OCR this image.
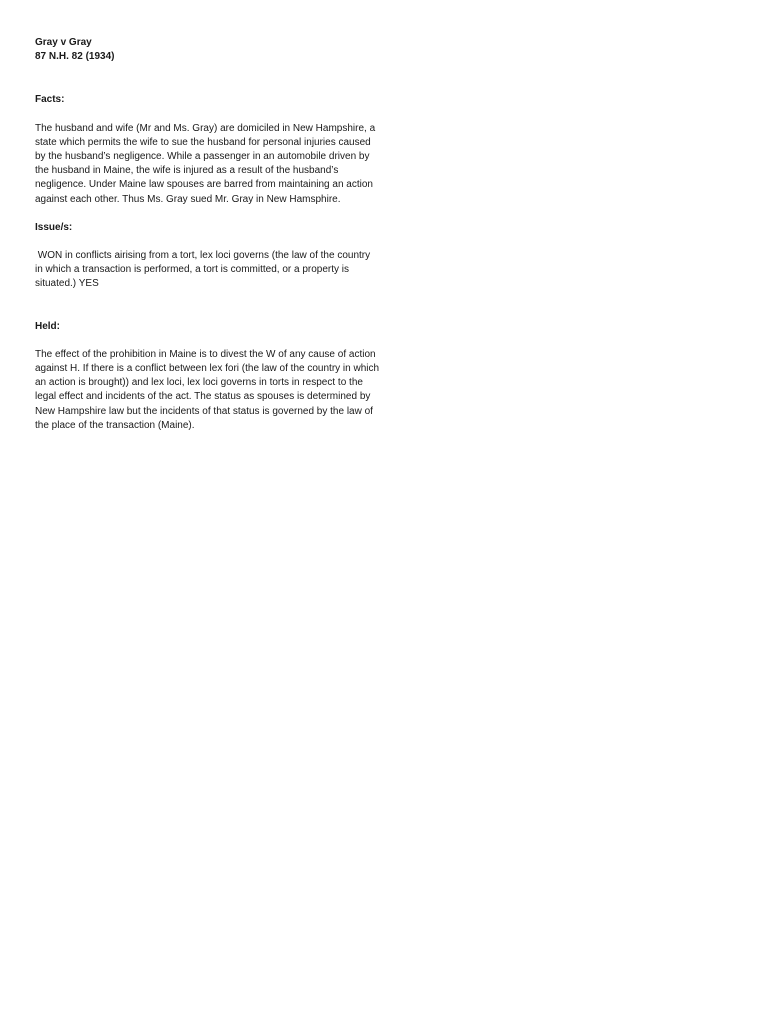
Gray v Gray

87 N.H. 82 (1934)

Facts:

The husband and wife (Mr and Ms. Gray) are domiciled in New Hampshire, a state which permits the wife to sue the husband for personal injuries caused by the husband’s negligence. While a passenger in an automobile driven by the husband in Maine, the wife is injured as a result of the husband’s negligence. Under Maine law spouses are barred from maintaining an action against each other. Thus Ms. Gray sued Mr. Gray in New Hamsphire.

Issue/s:

WON in conflicts airising from a tort, lex loci governs (the law of the country in which a transaction is performed, a tort is committed, or a property is situated.) YES

Held:

The effect of the prohibition in Maine is to divest the W of any cause of action against H. If there is a conflict between lex fori (the law of the country in which an action is brought)) and lex loci, lex loci governs in torts in respect to the legal effect and incidents of the act. The status as spouses is determined by New Hampshire law but the incidents of that status is governed by the law of the place of the transaction (Maine).
